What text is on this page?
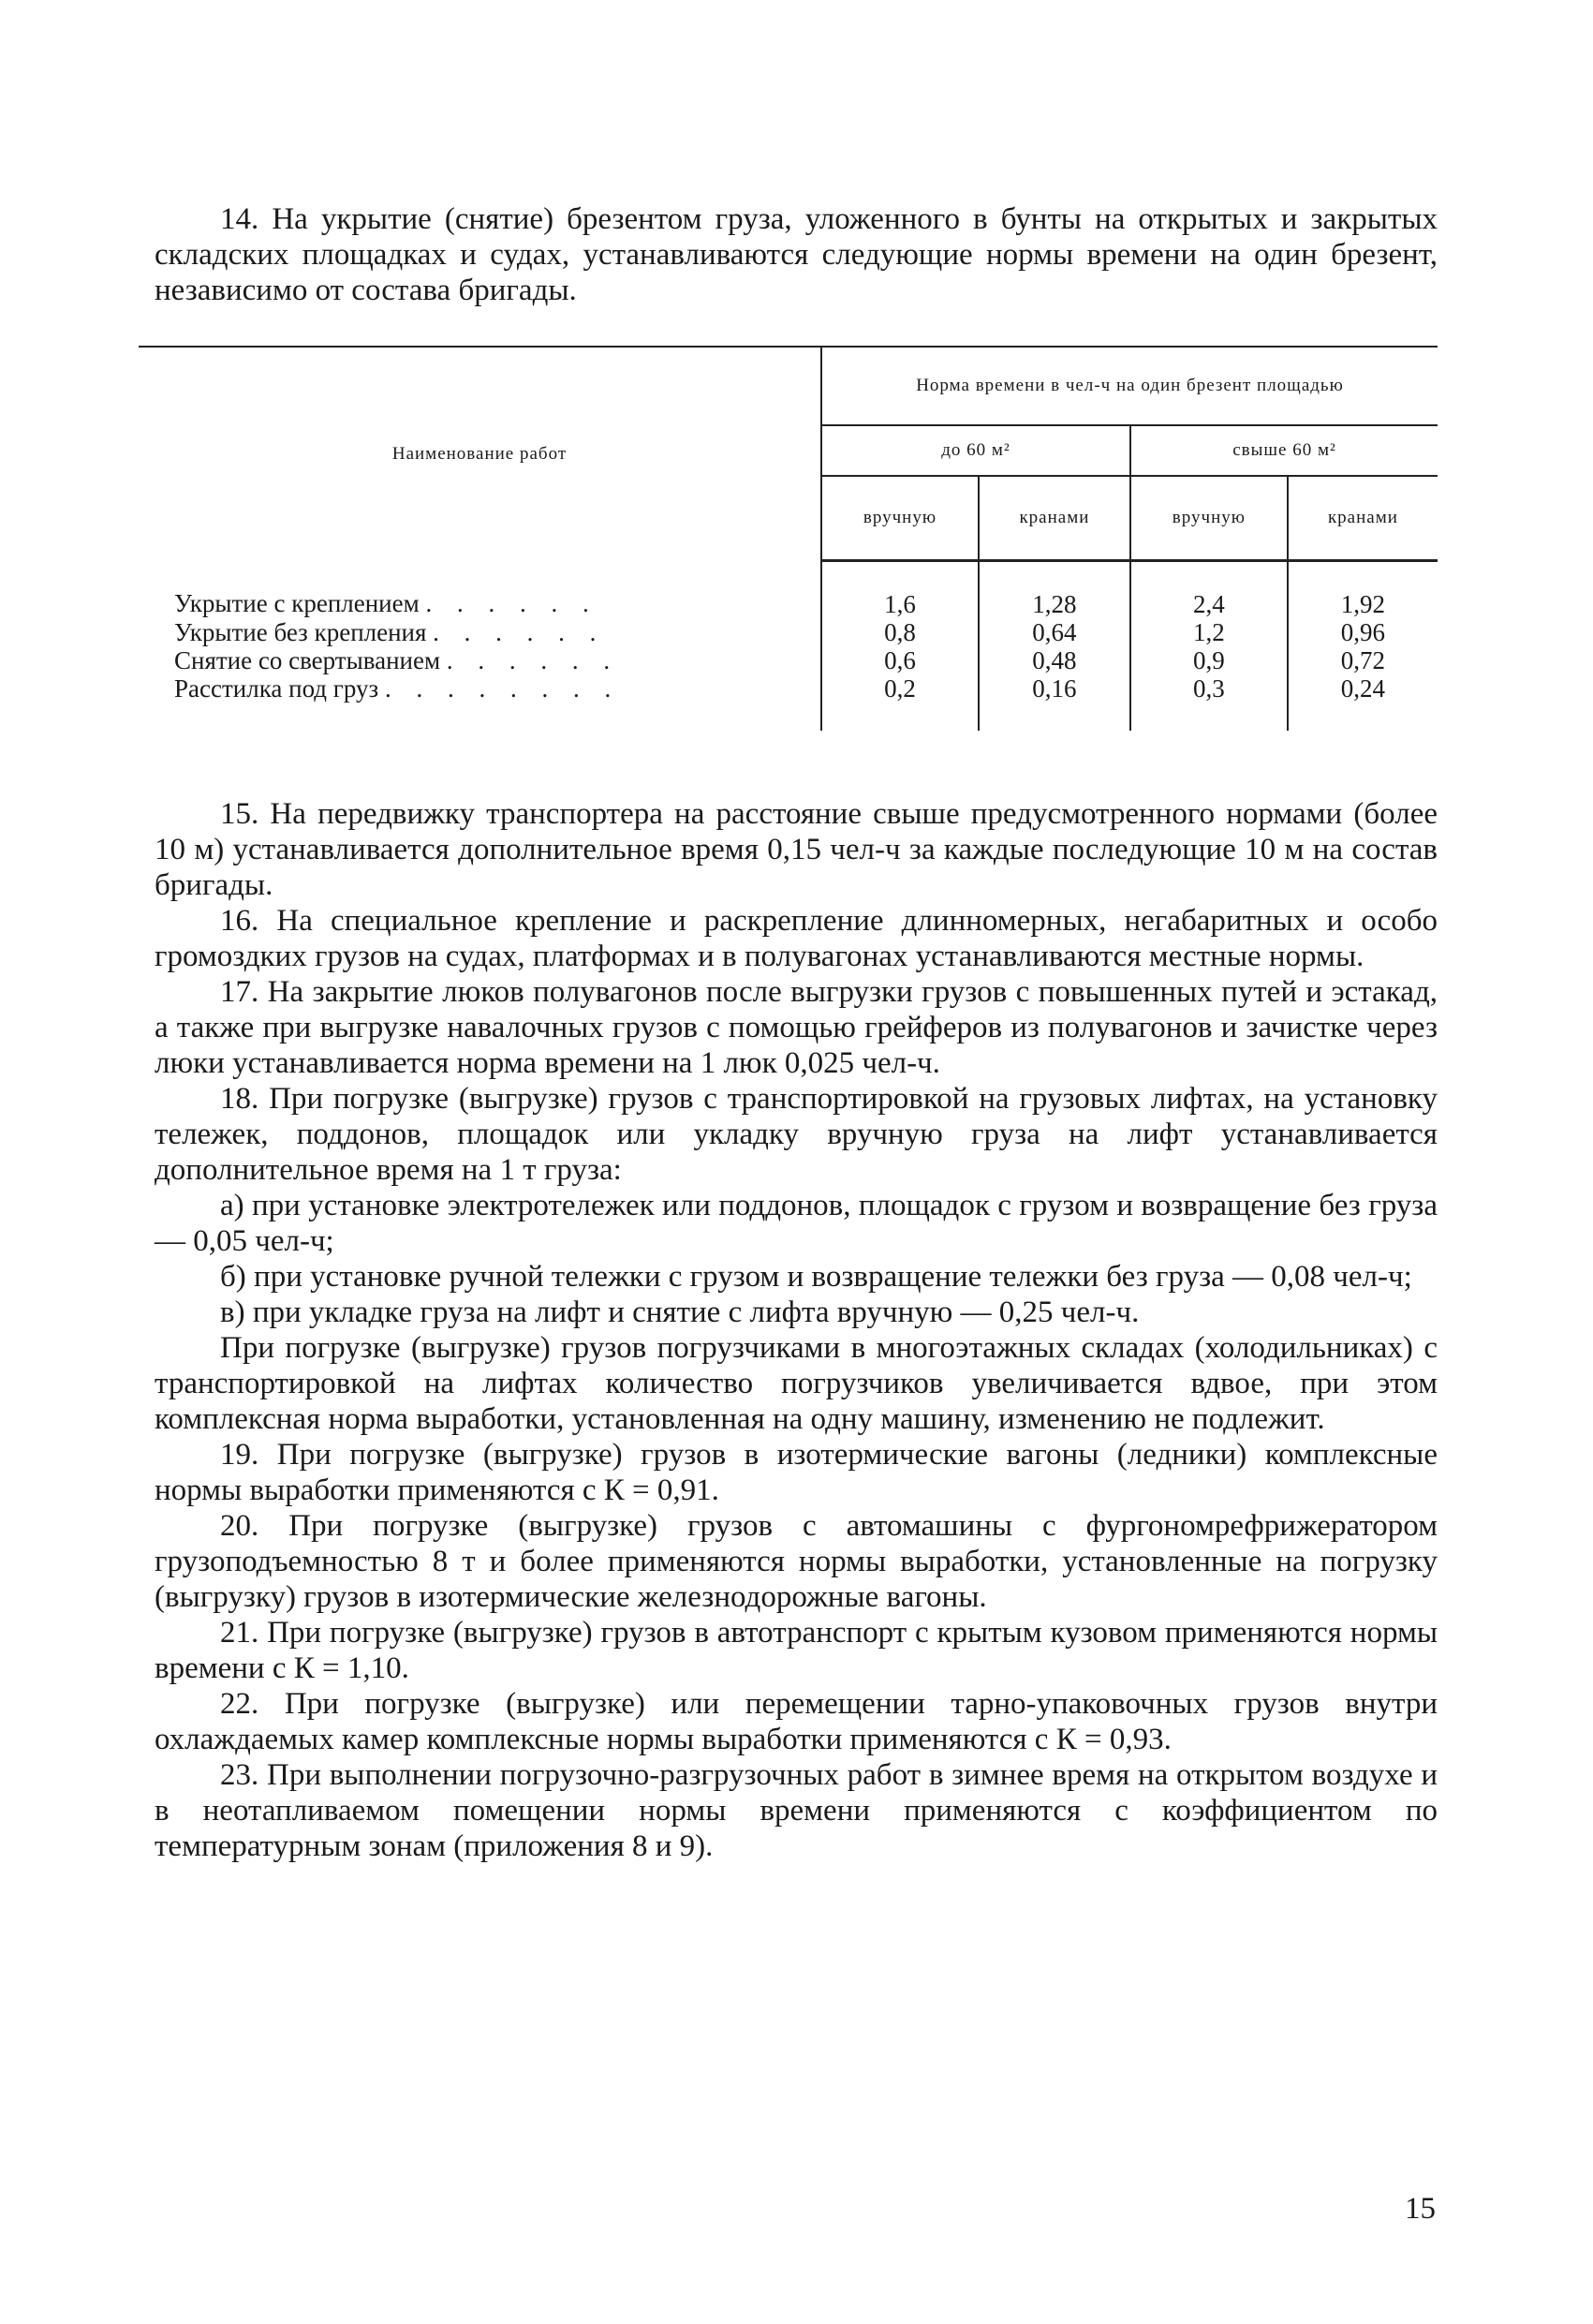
14. На укрытие (снятие) брезентом груза, уложенного в бунты на открытых и закрытых складских площадках и судах, устанавливаются следующие нормы времени на один брезент, независимо от состава бригады.

Наименование работ	Норма времени в чел-ч на один брезент площадью			
	до 60 м²		свыше 60 м²	
	вручную	кранами	вручную	кранами
Укрытие с креплением . . . . . .	1,6	1,28	2,4	1,92
Укрытие без крепления . . . . . .	0,8	0,64	1,2	0,96
Снятие со свертыванием . . . . . .	0,6	0,48	0,9	0,72
Расстилка под груз . . . . . . . .	0,2	0,16	0,3	0,24

15. На передвижку транспортера на расстояние свыше предусмотренного нормами (более 10 м) устанавливается дополнительное время 0,15 чел-ч за каждые последующие 10 м на состав бригады.

16. На специальное крепление и раскрепление длинномерных, негабаритных и особо громоздких грузов на судах, платформах и в полувагонах устанавливаются местные нормы.

17. На закрытие люков полувагонов после выгрузки грузов с повышенных путей и эстакад, а также при выгрузке навалочных грузов с помощью грейферов из полувагонов и зачистке через люки устанавливается норма времени на 1 люк 0,025 чел-ч.

18. При погрузке (выгрузке) грузов с транспортировкой на грузовых лифтах, на установку тележек, поддонов, площадок или укладку вручную груза на лифт устанавливается дополнительное время на 1 т груза:

а) при установке электротележек или поддонов, площадок с грузом и возвращение без груза — 0,05 чел-ч;

б) при установке ручной тележки с грузом и возвращение тележки без груза — 0,08 чел-ч;

в) при укладке груза на лифт и снятие с лифта вручную — 0,25 чел-ч.

При погрузке (выгрузке) грузов погрузчиками в многоэтажных складах (холодильниках) с транспортировкой на лифтах количество погрузчиков увеличивается вдвое, при этом комплексная норма выработки, установленная на одну машину, изменению не подлежит.

19. При погрузке (выгрузке) грузов в изотермические вагоны (ледники) комплексные нормы выработки применяются с К = 0,91.

20. При погрузке (выгрузке) грузов с автомашины с фургономрефрижератором грузоподъемностью 8 т и более применяются нормы выработки, установленные на погрузку (выгрузку) грузов в изотермические железнодорожные вагоны.

21. При погрузке (выгрузке) грузов в автотранспорт с крытым кузовом применяются нормы времени с К = 1,10.

22. При погрузке (выгрузке) или перемещении тарно-упаковочных грузов внутри охлаждаемых камер комплексные нормы выработки применяются с К = 0,93.

23. При выполнении погрузочно-разгрузочных работ в зимнее время на открытом воздухе и в неотапливаемом помещении нормы времени применяются с коэффициентом по температурным зонам (приложения 8 и 9).

15
